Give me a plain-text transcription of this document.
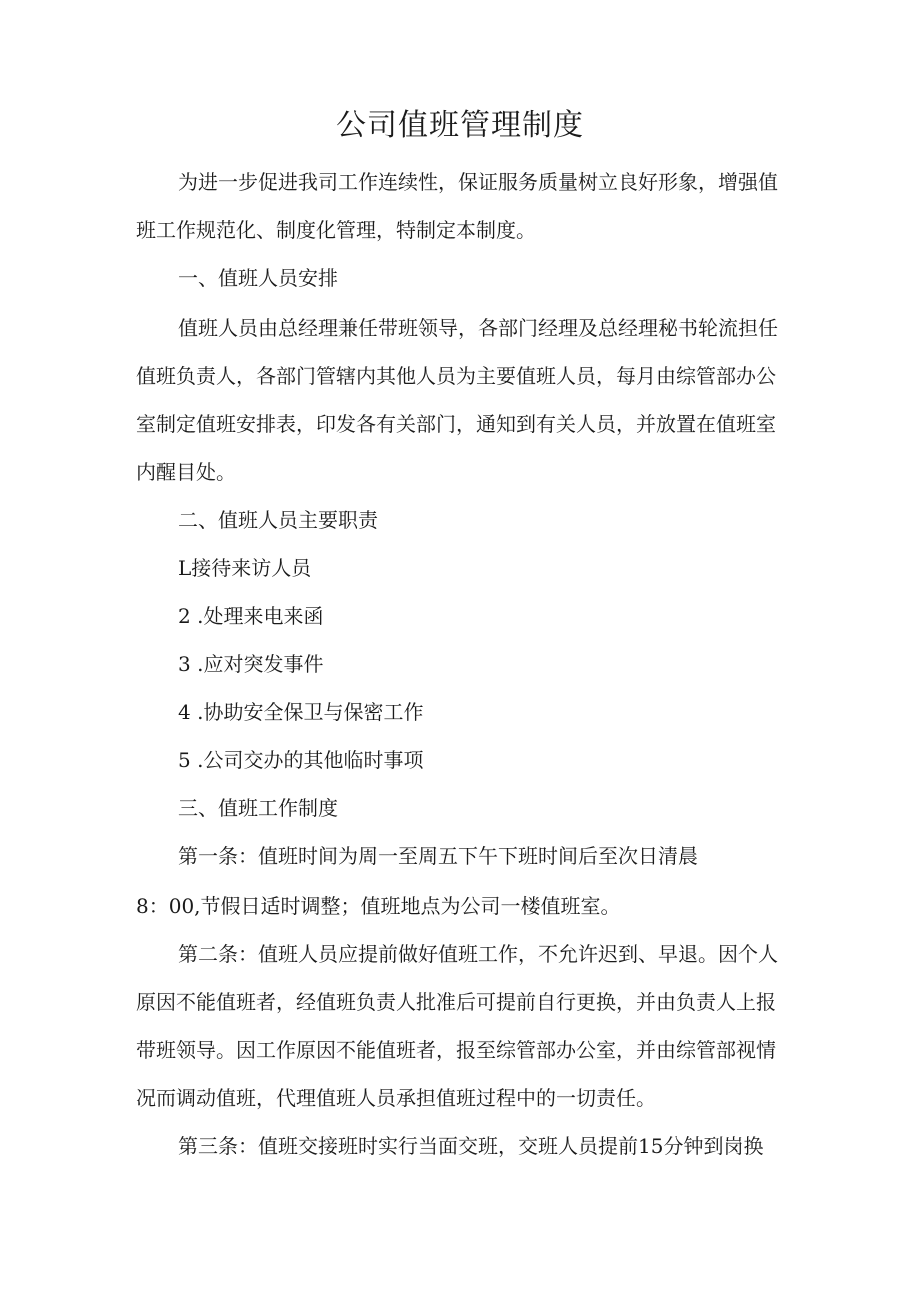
公司值班管理制度
为进一步促进我司工作连续性，保证服务质量树立良好形象，增强值
班工作规范化、制度化管理，特制定本制度。
一、值班人员安排
值班人员由总经理兼任带班领导，各部门经理及总经理秘书轮流担任
值班负责人，各部门管辖内其他人员为主要值班人员，每月由综管部办公
室制定值班安排表，印发各有关部门，通知到有关人员，并放置在值班室
内醒目处。
二、值班人员主要职责
L接待来访人员
2 .处理来电来函
3 .应对突发事件
4 .协助安全保卫与保密工作
5 .公司交办的其他临时事项
三、值班工作制度
第一条：值班时间为周一至周五下午下班时间后至次日清晨
8：00,节假日适时调整；值班地点为公司一楼值班室。
第二条：值班人员应提前做好值班工作，不允许迟到、早退。因个人
原因不能值班者，经值班负责人批准后可提前自行更换，并由负责人上报
带班领导。因工作原因不能值班者，报至综管部办公室，并由综管部视情
况而调动值班，代理值班人员承担值班过程中的一切责任。
第三条：值班交接班时实行当面交班，交班人员提前15分钟到岗换
